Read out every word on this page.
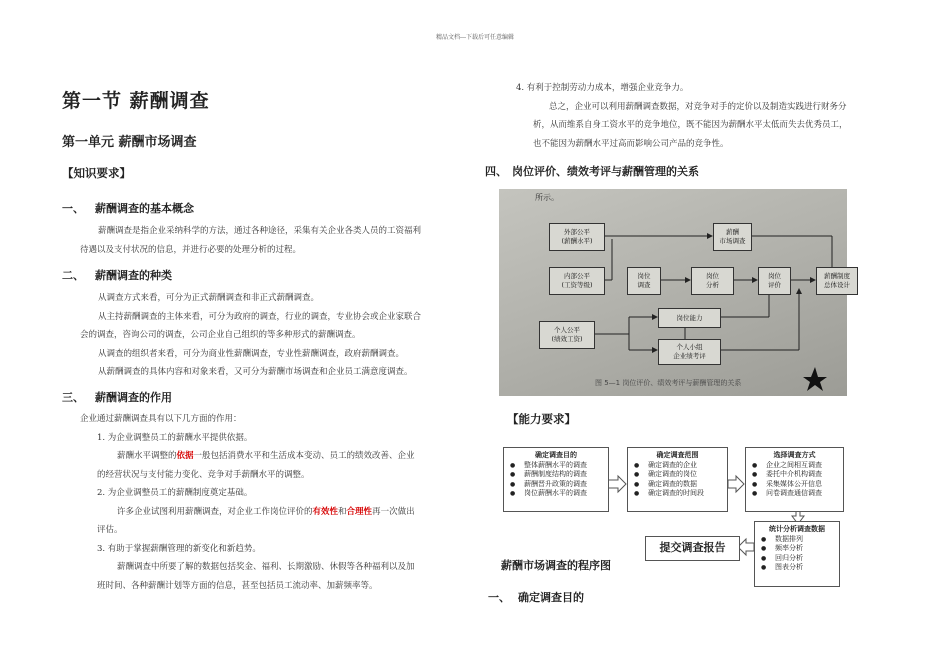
精品文档---下载后可任意编辑
第一节 薪酬调查
第一单元 薪酬市场调查
【知识要求】
一、 薪酬调查的基本概念
薪酬调查是指企业采纳科学的方法，通过各种途径，采集有关企业各类人员的工资福利
待遇以及支付状况的信息，并进行必要的处理分析的过程。
二、 薪酬调查的种类
从调查方式来看，可分为正式薪酬调查和非正式薪酬调查。
从主持薪酬调查的主体来看，可分为政府的调查，行业的调查，专业协会或企业家联合
会的调查，咨询公司的调查，公司企业自己组织的等多种形式的薪酬调查。
从调查的组织者来看，可分为商业性薪酬调查，专业性薪酬调查，政府薪酬调查。
从薪酬调查的具体内容和对象来看，又可分为薪酬市场调查和企业员工满意度调查。
三、 薪酬调查的作用
企业通过薪酬调查具有以下几方面的作用：
1. 为企业调整员工的薪酬水平提供依据。
薪酬水平调整的依据一般包括消费水平和生活成本变动、员工的绩效改善、企业
的经营状况与支付能力变化、竞争对手薪酬水平的调整。
2. 为企业调整员工的薪酬制度奠定基础。
许多企业试图利用薪酬调查，对企业工作岗位评价的有效性和合理性再一次做出
评估。
3. 有助于掌握薪酬管理的新变化和新趋势。
薪酬调查中所要了解的数据包括奖金、福利、长期激励、休假等各种福利以及加
班时间、各种薪酬计划等方面的信息，甚至包括员工流动率、加薪频率等。
4. 有利于控制劳动力成本，增强企业竞争力。
总之，企业可以利用薪酬调查数据，对竞争对手的定价以及制造实践进行财务分
析，从而维系自身工资水平的竞争地位，既不能因为薪酬水平太低而失去优秀员工，
也不能因为薪酬水平过高而影响公司产品的竞争性。
四、 岗位评价、绩效考评与薪酬管理的关系
所示。
外部公平
(薪酬水平)
薪酬
市场调查
内部公平
(工资等级)
岗位
调查
岗位
分析
岗位
评价
薪酬制度
总体设计
个人公平
(绩效工资)
岗位能力
个人小组
企业绩考评
图 5—1 岗位评价、绩效考评与薪酬管理的关系
【能力要求】
确定调查目的
● 整体薪酬水平的调查
● 薪酬制度结构的调查
● 薪酬晋升政策的调查
● 岗位薪酬水平的调查
确定调查范围
● 确定调查的企业
● 确定调查的岗位
● 确定调查的数据
● 确定调查的时间段
选择调查方式
● 企业之间相互调查
● 委托中介机构调查
● 采集媒体公开信息
● 问卷调查通信调查
统计分析调查数据
● 数据排列
● 频率分析
● 回归分析
● 图表分析
提交调查报告
薪酬市场调查的程序图
一、 确定调查目的
